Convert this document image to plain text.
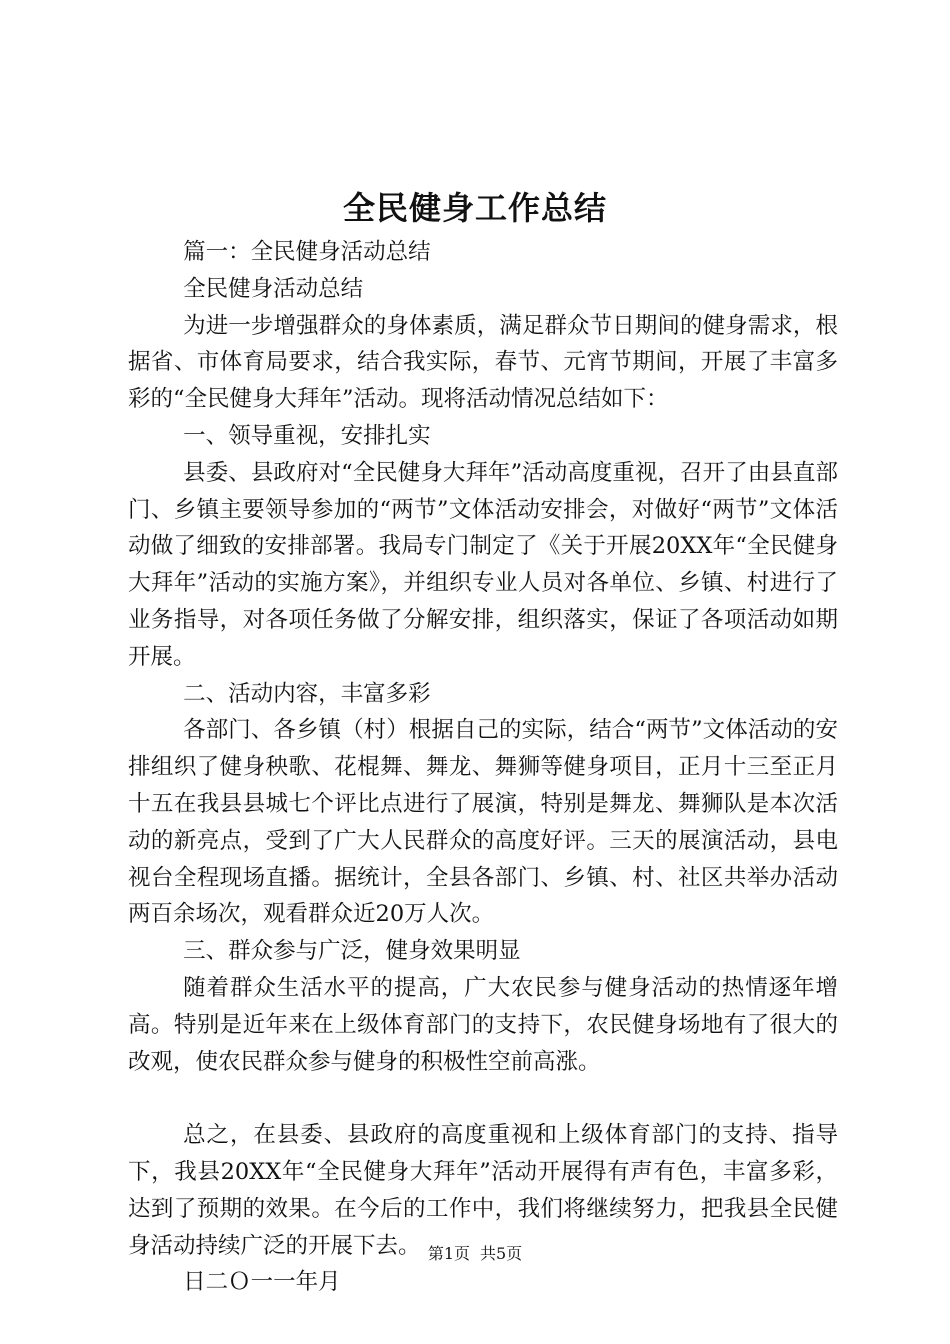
全民健身工作总结

篇一：全民健身活动总结

全民健身活动总结

为进一步增强群众的身体素质，满足群众节日期间的健身需求，根据省、市体育局要求，结合我实际，春节、元宵节期间，开展了丰富多彩的“全民健身大拜年”活动。现将活动情况总结如下：

一、领导重视，安排扎实

县委、县政府对“全民健身大拜年”活动高度重视，召开了由县直部门、乡镇主要领导参加的“两节”文体活动安排会，对做好“两节”文体活动做了细致的安排部署。我局专门制定了《关于开展20XX年“全民健身大拜年”活动的实施方案》，并组织专业人员对各单位、乡镇、村进行了业务指导，对各项任务做了分解安排，组织落实，保证了各项活动如期开展。

二、活动内容，丰富多彩

各部门、各乡镇（村）根据自己的实际，结合“两节”文体活动的安排组织了健身秧歌、花棍舞、舞龙、舞狮等健身项目，正月十三至正月十五在我县县城七个评比点进行了展演，特别是舞龙、舞狮队是本次活动的新亮点，受到了广大人民群众的高度好评。三天的展演活动，县电视台全程现场直播。据统计，全县各部门、乡镇、村、社区共举办活动两百余场次，观看群众近20万人次。

三、群众参与广泛，健身效果明显

随着群众生活水平的提高，广大农民参与健身活动的热情逐年增高。特别是近年来在上级体育部门的支持下，农民健身场地有了很大的改观，使农民群众参与健身的积极性空前高涨。

总之，在县委、县政府的高度重视和上级体育部门的支持、指导下，我县20XX年“全民健身大拜年”活动开展得有声有色，丰富多彩，达到了预期的效果。在今后的工作中，我们将继续努力，把我县全民健身活动持续广泛的开展下去。

日二Ｏ一一年月

第1页 共5页
